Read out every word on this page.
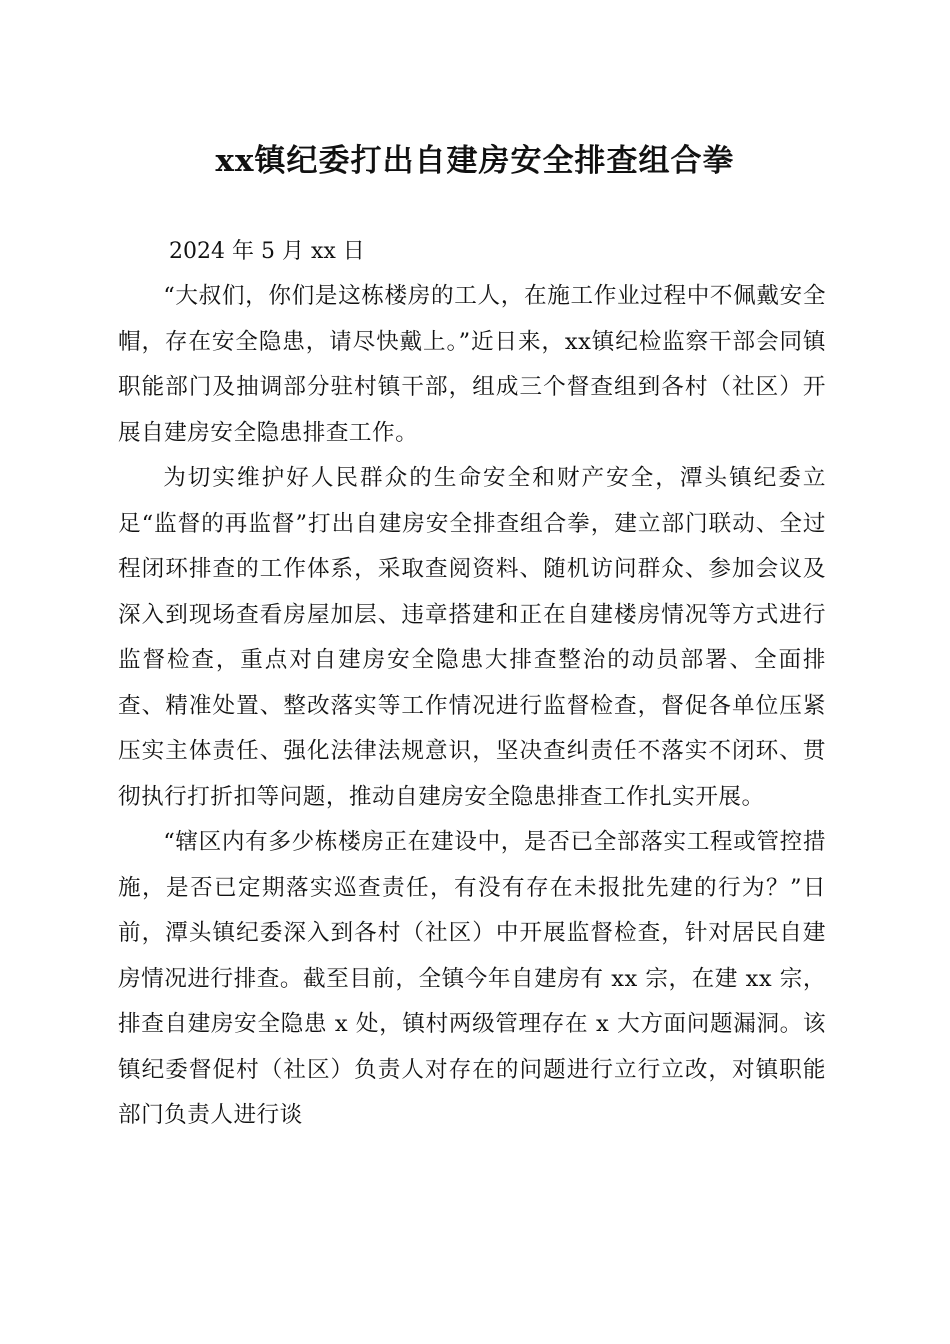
xx镇纪委打出自建房安全排查组合拳

2024 年 5 月 xx 日

“大叔们，你们是这栋楼房的工人，在施工作业过程中不佩戴安全帽，存在安全隐患，请尽快戴上。”近日来，xx镇纪检监察干部会同镇职能部门及抽调部分驻村镇干部，组成三个督查组到各村（社区）开展自建房安全隐患排查工作。

为切实维护好人民群众的生命安全和财产安全，潭头镇纪委立足“监督的再监督”打出自建房安全排查组合拳，建立部门联动、全过程闭环排查的工作体系，采取查阅资料、随机访问群众、参加会议及深入到现场查看房屋加层、违章搭建和正在自建楼房情况等方式进行监督检查，重点对自建房安全隐患大排查整治的动员部署、全面排查、精准处置、整改落实等工作情况进行监督检查，督促各单位压紧压实主体责任、强化法律法规意识，坚决查纠责任不落实不闭环、贯彻执行打折扣等问题，推动自建房安全隐患排查工作扎实开展。

“辖区内有多少栋楼房正在建设中，是否已全部落实工程或管控措施，是否已定期落实巡查责任，有没有存在未报批先建的行为？”日前，潭头镇纪委深入到各村（社区）中开展监督检查，针对居民自建房情况进行排查。截至目前，全镇今年自建房有 xx 宗，在建 xx 宗，排查自建房安全隐患 x 处，镇村两级管理存在 x 大方面问题漏洞。该镇纪委督促村（社区）负责人对存在的问题进行立行立改，对镇职能部门负责人进行谈
